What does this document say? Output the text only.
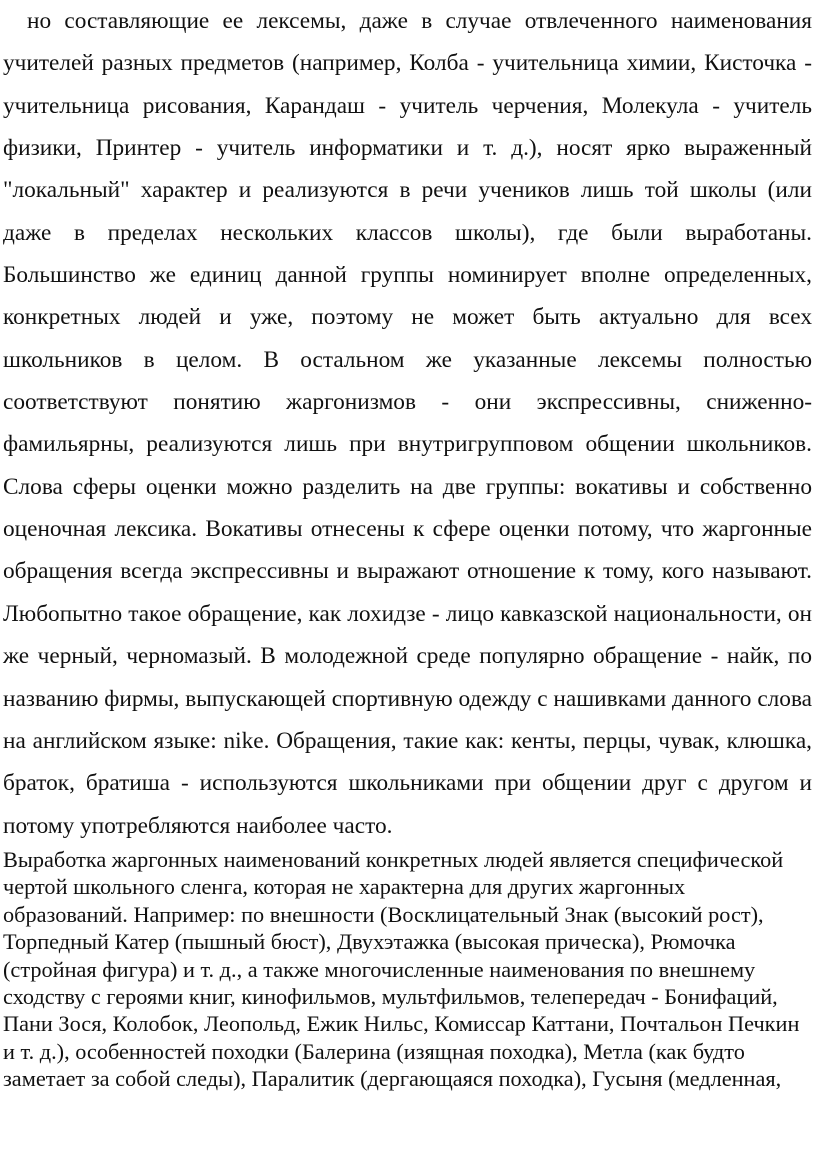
но составляющие ее лексемы, даже в случае отвлеченного наименования учителей разных предметов (например, Колба - учительница химии, Кисточка - учительница рисования, Карандаш - учитель черчения, Молекула - учитель физики, Принтер - учитель информатики и т. д.), носят ярко выраженный "локальный" характер и реализуются в речи учеников лишь той школы (или даже в пределах нескольких классов школы), где были выработаны. Большинство же единиц данной группы номинирует вполне определенных, конкретных людей и уже, поэтому не может быть актуально для всех школьников в целом. В остальном же указанные лексемы полностью соответствуют понятию жаргонизмов - они экспрессивны, сниженно-фамильярны, реализуются лишь при внутригрупповом общении школьников. Слова сферы оценки можно разделить на две группы: вокативы и собственно оценочная лексика. Вокативы отнесены к сфере оценки потому, что жаргонные обращения всегда экспрессивны и выражают отношение к тому, кого называют. Любопытно такое обращение, как лохидзе - лицо кавказской национальности, он же черный, черномазый. В молодежной среде популярно обращение - найк, по названию фирмы, выпускающей спортивную одежду с нашивками данного слова на английском языке: nike. Обращения, такие как: кенты, перцы, чувак, клюшка, браток, братиша - используются школьниками при общении друг с другом и потому употребляются наиболее часто.

Выработка жаргонных наименований конкретных людей является специфической чертой школьного сленга, которая не характерна для других жаргонных образований. Например: по внешности (Восклицательный Знак (высокий рост), Торпедный Катер (пышный бюст), Двухэтажка (высокая прическа), Рюмочка (стройная фигура) и т. д., а также многочисленные наименования по внешнему сходству с героями книг, кинофильмов, мультфильмов, телепередач - Бонифаций, Пани Зося, Колобок, Леопольд, Ежик Нильс, Комиссар Каттани, Почтальон Печкин и т. д.), особенностей походки (Балерина (изящная походка), Метла (как будто заметает за собой следы), Паралитик (дергающаяся походка), Гусыня (медленная,
